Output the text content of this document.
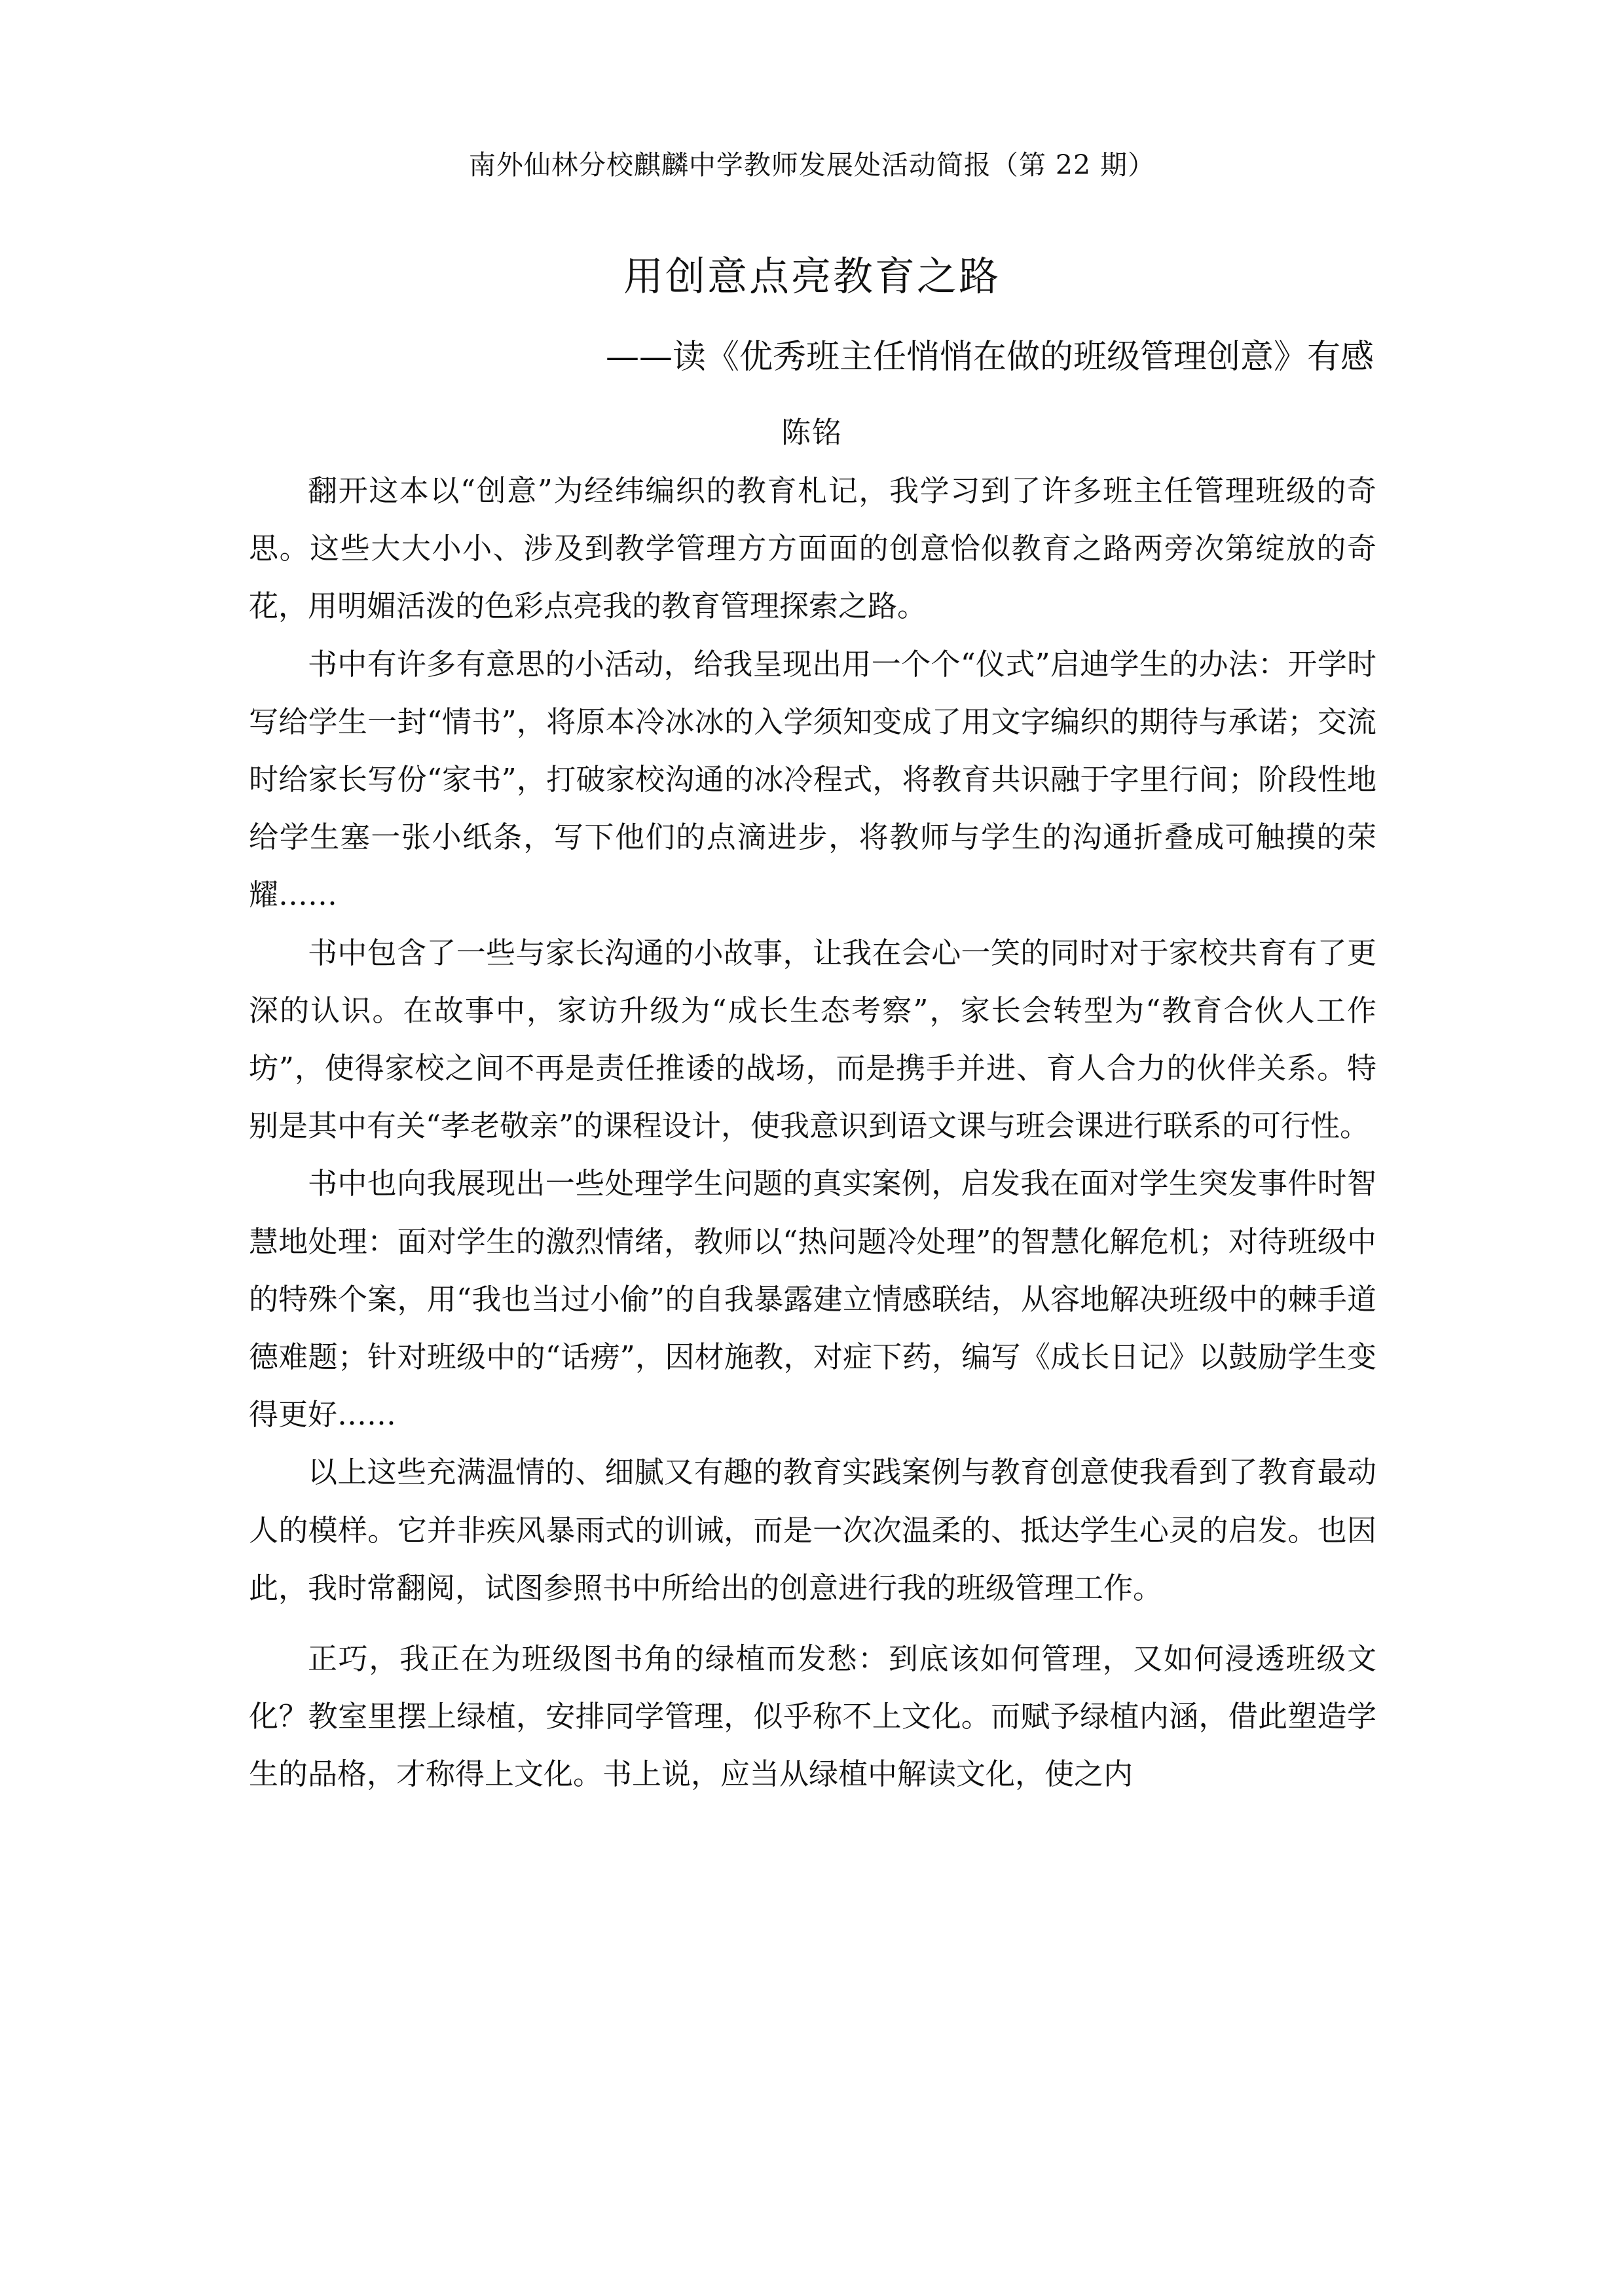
南外仙林分校麒麟中学教师发展处活动简报（第 22 期）
用创意点亮教育之路
——读《优秀班主任悄悄在做的班级管理创意》有感
陈铭

翻开这本以“创意”为经纬编织的教育札记，我学习到了许多班主任管理班级的奇思。这些大大小小、涉及到教学管理方方面面的创意恰似教育之路两旁次第绽放的奇花，用明媚活泼的色彩点亮我的教育管理探索之路。

书中有许多有意思的小活动，给我呈现出用一个个“仪式”启迪学生的办法：开学时写给学生一封“情书”，将原本冷冰冰的入学须知变成了用文字编织的期待与承诺；交流时给家长写份“家书”，打破家校沟通的冰冷程式，将教育共识融于字里行间；阶段性地给学生塞一张小纸条，写下他们的点滴进步，将教师与学生的沟通折叠成可触摸的荣耀……

书中包含了一些与家长沟通的小故事，让我在会心一笑的同时对于家校共育有了更深的认识。在故事中，家访升级为“成长生态考察”，家长会转型为“教育合伙人工作坊”，使得家校之间不再是责任推诿的战场，而是携手并进、育人合力的伙伴关系。特别是其中有关“孝老敬亲”的课程设计，使我意识到语文课与班会课进行联系的可行性。

书中也向我展现出一些处理学生问题的真实案例，启发我在面对学生突发事件时智慧地处理：面对学生的激烈情绪，教师以“热问题冷处理”的智慧化解危机；对待班级中的特殊个案，用“我也当过小偷”的自我暴露建立情感联结，从容地解决班级中的棘手道德难题；针对班级中的“话痨”，因材施教，对症下药，编写《成长日记》以鼓励学生变得更好……

以上这些充满温情的、细腻又有趣的教育实践案例与教育创意使我看到了教育最动人的模样。它并非疾风暴雨式的训诫，而是一次次温柔的、抵达学生心灵的启发。也因此，我时常翻阅，试图参照书中所给出的创意进行我的班级管理工作。

正巧，我正在为班级图书角的绿植而发愁：到底该如何管理，又如何浸透班级文化？教室里摆上绿植，安排同学管理，似乎称不上文化。而赋予绿植内涵，借此塑造学生的品格，才称得上文化。书上说，应当从绿植中解读文化，使之内
